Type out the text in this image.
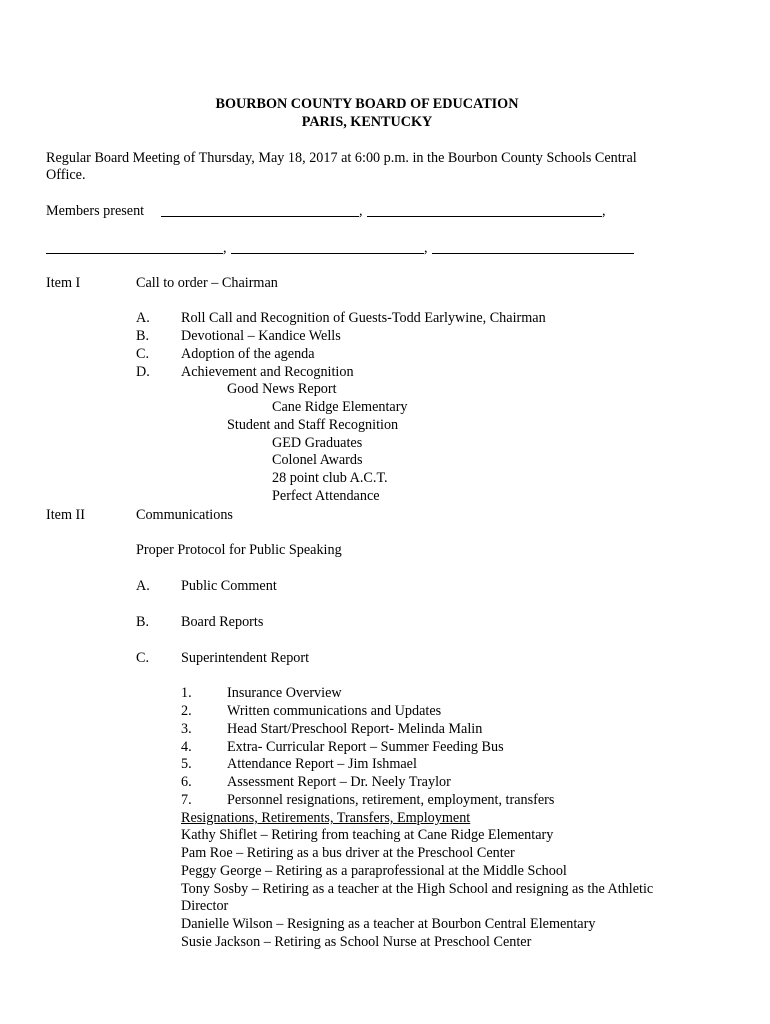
BOURBON COUNTY BOARD OF EDUCATION
PARIS, KENTUCKY
Regular Board Meeting of Thursday, May 18, 2017 at 6:00 p.m. in the Bourbon County Schools Central
Office.
Members present	,	,
,	,
Item I	Call to order – Chairman
A. Roll Call and Recognition of Guests-Todd Earlywine, Chairman
B. Devotional – Kandice Wells
C. Adoption of the agenda
D. Achievement and Recognition
Good News Report
Cane Ridge Elementary
Student and Staff Recognition
GED Graduates
Colonel Awards
28 point club A.C.T.
Perfect Attendance
Item II	Communications
Proper Protocol for Public Speaking
A. Public Comment
B. Board Reports
C. Superintendent Report
1. Insurance Overview
2. Written communications and Updates
3. Head Start/Preschool Report- Melinda Malin
4. Extra- Curricular Report – Summer Feeding Bus
5. Attendance Report – Jim Ishmael
6. Assessment Report – Dr. Neely Traylor
7. Personnel resignations, retirement, employment, transfers
Resignations, Retirements, Transfers, Employment
Kathy Shiflet – Retiring from teaching at Cane Ridge Elementary
Pam Roe – Retiring as a bus driver at the Preschool Center
Peggy George – Retiring as a paraprofessional at the Middle School
Tony Sosby – Retiring as a teacher at the High School and resigning as the Athletic
Director
Danielle Wilson – Resigning as a teacher at Bourbon Central Elementary
Susie Jackson – Retiring as School Nurse at Preschool Center
